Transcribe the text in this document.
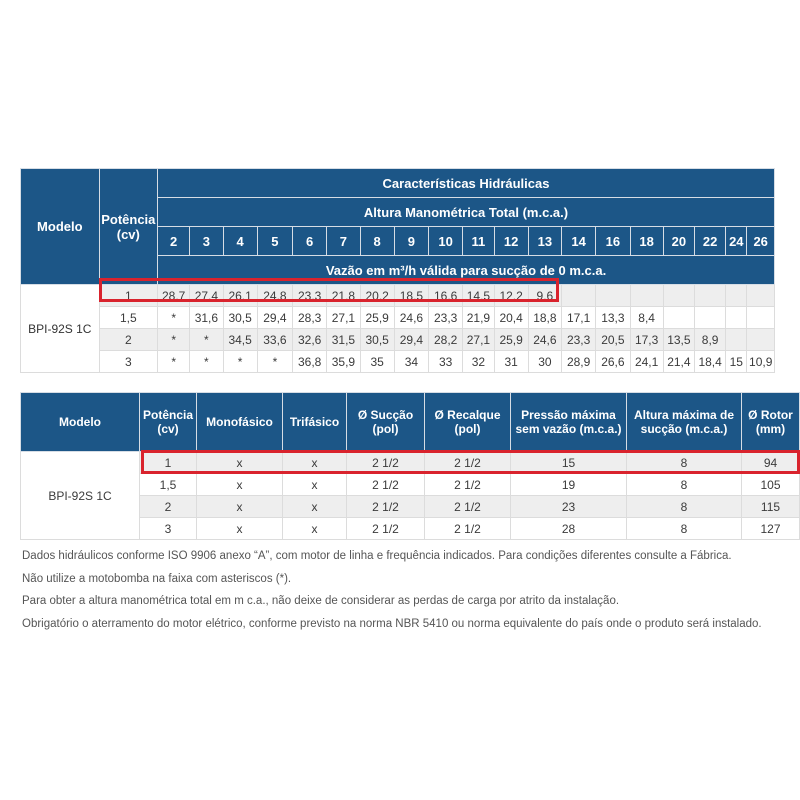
Modelo	Potência (cv)	Características Hidráulicas																		
		Altura Manométrica Total (m.c.a.)																		
		2	3	4	5	6	7	8	9	10	11	12	13	14	16	18	20	22	24	26
		Vazão em m³/h válida para sucção de 0 m.c.a.																		
BPI-92S 1C	1	28,7	27,4	26,1	24,8	23,3	21,8	20,2	18,5	16,6	14,5	12,2	9,6							
	1,5	*	31,6	30,5	29,4	28,3	27,1	25,9	24,6	23,3	21,9	20,4	18,8	17,1	13,3	8,4				
	2	*	*	34,5	33,6	32,6	31,5	30,5	29,4	28,2	27,1	25,9	24,6	23,3	20,5	17,3	13,5	8,9		
	3	*	*	*	*	36,8	35,9	35	34	33	32	31	30	28,9	26,6	24,1	21,4	18,4	15	10,9
Modelo	Potência (cv)	Monofásico	Trifásico	Ø Sucção (pol)	Ø Recalque (pol)	Pressão máxima sem vazão (m.c.a.)	Altura máxima de sucção (m.c.a.)	Ø Rotor (mm)
BPI-92S 1C	1	x	x	2 1/2	2 1/2	15	8	94
	1,5	x	x	2 1/2	2 1/2	19	8	105
	2	x	x	2 1/2	2 1/2	23	8	115
	3	x	x	2 1/2	2 1/2	28	8	127

Dados hidráulicos conforme ISO 9906 anexo “A”, com motor de linha e frequência indicados. Para condições diferentes consulte a Fábrica.

Não utilize a motobomba na faixa com asteriscos (*).

Para obter a altura manométrica total em m c.a., não deixe de considerar as perdas de carga por atrito da instalação.

Obrigatório o aterramento do motor elétrico, conforme previsto na norma NBR 5410 ou norma equivalente do país onde o produto será instalado.
